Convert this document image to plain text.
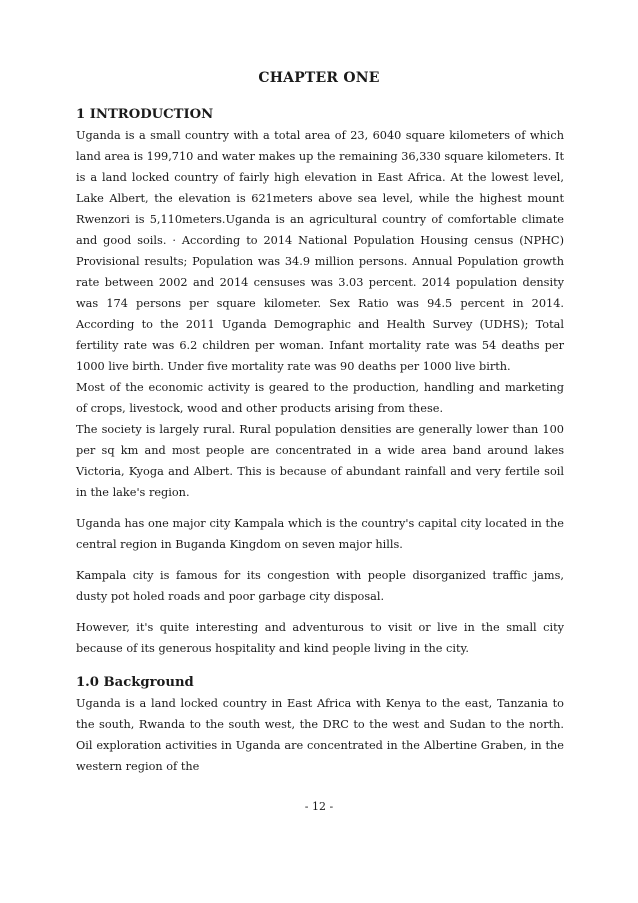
CHAPTER ONE
1 INTRODUCTION

Uganda is a small country with a total area of 23, 6040 square kilometers of which land area is 199,710 and water makes up the remaining 36,330 square kilometers. It is a land locked country of fairly high elevation in East Africa. At the lowest level, Lake Albert, the elevation is 621meters above sea level, while the highest mount Rwenzori is 5,110meters.Uganda is an agricultural country of comfortable climate and good soils. · According to 2014 National Population Housing census (NPHC) Provisional results; Population was 34.9 million persons. Annual Population growth rate between 2002 and 2014 censuses was 3.03 percent. 2014 population density was 174 persons per square kilometer. Sex Ratio was 94.5 percent in 2014. According to the 2011 Uganda Demographic and Health Survey (UDHS); Total fertility rate was 6.2 children per woman. Infant mortality rate was 54 deaths per 1000 live birth. Under five mortality rate was 90 deaths per 1000 live birth.

Most of the economic activity is geared to the production, handling and marketing of crops, livestock, wood and other products arising from these.

The society is largely rural. Rural population densities are generally lower than 100 per sq km and most people are concentrated in a wide area band around lakes Victoria, Kyoga and Albert. This is because of abundant rainfall and very fertile soil in the lake's region.

Uganda has one major city Kampala which is the country's capital city located in the central region in Buganda Kingdom on seven major hills.

Kampala city is famous for its congestion with people disorganized traffic jams, dusty pot holed roads and poor garbage city disposal.

However, it's quite interesting and adventurous to visit or live in the small city because of its generous hospitality and kind people living in the city.

1.0 Background

Uganda is a land locked country in East Africa with Kenya to the east, Tanzania to the south, Rwanda to the south west, the DRC to the west and Sudan to the north. Oil exploration activities in Uganda are concentrated in the Albertine Graben, in the western region of the

- 12 -
